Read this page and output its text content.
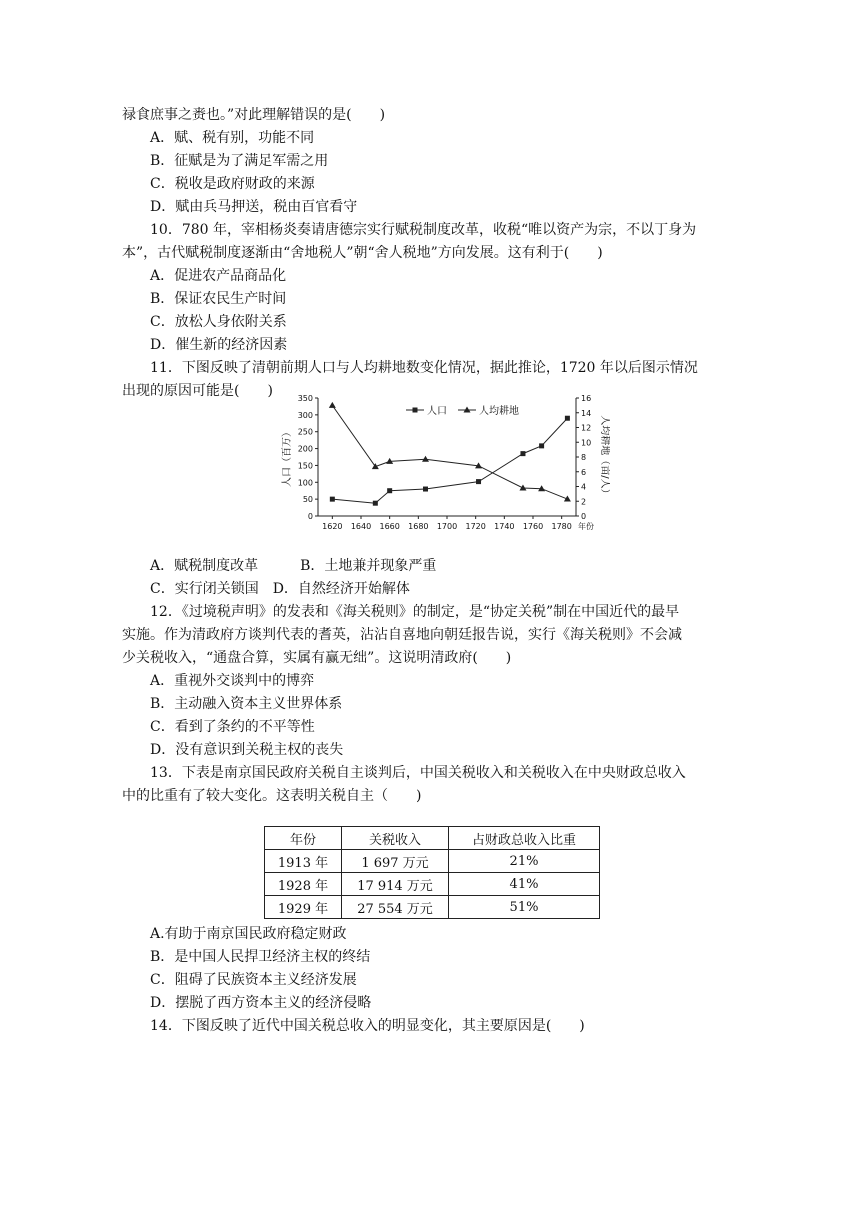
禄食庶事之赉也。”对此理解错误的是(　　)
A．赋、税有别，功能不同
B．征赋是为了满足军需之用
C．税收是政府财政的来源
D．赋由兵马押送，税由百官看守
10．780 年，宰相杨炎奏请唐德宗实行赋税制度改革，收税“唯以资产为宗，不以丁身为
本”，古代赋税制度逐渐由“舍地税人”朝“舍人税地”方向发展。这有利于(　　)
A．促进农产品商品化
B．保证农民生产时间
C．放松人身依附关系
D．催生新的经济因素
11．下图反映了清朝前期人口与人均耕地数变化情况，据此推论，1720 年以后图示情况
出现的原因可能是(　　)
0
50
100
150
200
250
300
350
0
2
4
6
8
10
12
14
16
1620 1640 1660 1680 1700 1720 1740 1760 1780 年份
人口（百万）	人均耕地（亩/人）
人口	人均耕地
A．赋税制度改革　　　B．土地兼并现象严重
C．实行闭关锁国　D．自然经济开始解体
12．《过境税声明》的发表和《海关税则》的制定，是“协定关税”制在中国近代的最早
实施。作为清政府方谈判代表的耆英，沾沾自喜地向朝廷报告说，实行《海关税则》不会减
少关税收入，“通盘合算，实属有赢无绌”。这说明清政府(　　)
A．重视外交谈判中的博弈
B．主动融入资本主义世界体系
C．看到了条约的不平等性
D．没有意识到关税主权的丧失
13．下表是南京国民政府关税自主谈判后，中国关税收入和关税收入在中央财政总收入
中的比重有了较大变化。这表明关税自主（　　)
年份	关税收入	占财政总收入比重
1913 年	1 697 万元	21%
1928 年	17 914 万元	41%
1929 年	27 554 万元	51%
A.有助于南京国民政府稳定财政
B．是中国人民捍卫经济主权的终结
C．阻碍了民族资本主义经济发展
D．摆脱了西方资本主义的经济侵略
14．下图反映了近代中国关税总收入的明显变化，其主要原因是(　　)
